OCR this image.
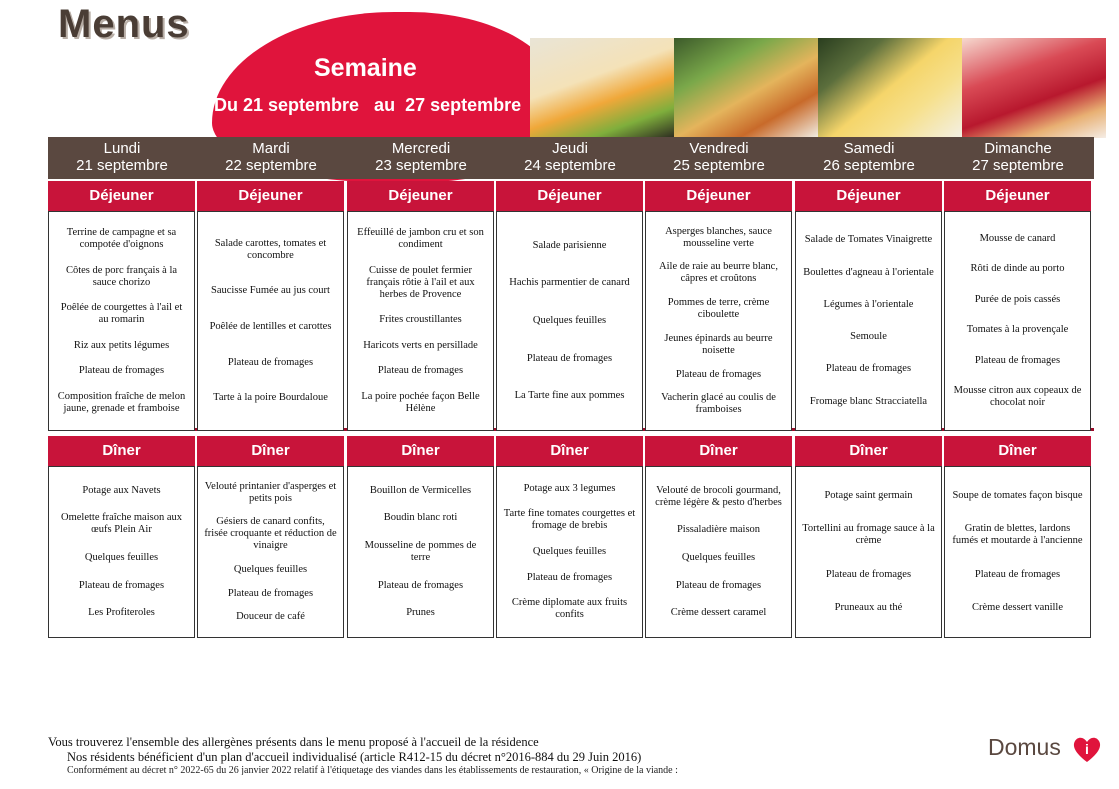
Menus
Semaine
Du 21 septembre   au  27 septembre
Lundi
21 septembre
Mardi
22 septembre
Mercredi
23 septembre
Jeudi
24 septembre
Vendredi
25 septembre
Samedi
26 septembre
Dimanche
27 septembre
Déjeuner
Terrine de campagne et sa compotée d'oignons
Côtes de porc français à la sauce chorizo
Poêlée de courgettes à l'ail et au romarin
Riz aux petits légumes
Plateau de fromages
Composition fraîche de melon jaune, grenade et framboise
Déjeuner
Salade carottes, tomates et concombre
Saucisse Fumée au jus court
Poêlée de lentilles et carottes
Plateau de fromages
Tarte à la poire Bourdaloue
Déjeuner
Effeuillé de jambon cru et son condiment
Cuisse de poulet fermier français rôtie à l'ail et aux herbes de Provence
Frites croustillantes
Haricots verts en persillade
Plateau de fromages
La poire pochée façon Belle Hélène
Déjeuner
Salade parisienne
Hachis parmentier de canard
Quelques feuilles
Plateau de fromages
La Tarte fine aux pommes
Déjeuner
Asperges blanches, sauce mousseline verte
Aile de raie au beurre blanc, câpres et croûtons
Pommes de terre, crème ciboulette
Jeunes épinards au beurre noisette
Plateau de fromages
Vacherin glacé au coulis de framboises
Déjeuner
Salade de Tomates Vinaigrette
Boulettes d'agneau à l'orientale
Légumes à l'orientale
Semoule
Plateau de fromages
Fromage blanc Stracciatella
Déjeuner
Mousse de canard
Rôti de dinde au porto
Purée de pois cassés
Tomates à la provençale
Plateau de fromages
Mousse citron aux copeaux de chocolat noir
Dîner
Potage aux Navets
Omelette fraîche maison aux œufs Plein Air
Quelques feuilles
Plateau de fromages
Les Profiteroles
Dîner
Velouté printanier d'asperges et petits pois
Gésiers de canard confits, frisée croquante et réduction de vinaigre
Quelques feuilles
Plateau de fromages
Douceur de café
Dîner
Bouillon de Vermicelles
Boudin blanc roti
Mousseline de pommes de terre
Plateau de fromages
Prunes
Dîner
Potage aux 3 legumes
Tarte fine tomates courgettes et fromage de brebis
Quelques feuilles
Plateau de fromages
Crème diplomate aux fruits confits
Dîner
Velouté de brocoli gourmand, crème légère & pesto d'herbes
Pissaladière maison
Quelques feuilles
Plateau de fromages
Crème dessert caramel
Dîner
Potage saint germain
Tortellini au fromage sauce à la crème
Plateau de fromages
Pruneaux au thé
Dîner
Soupe de tomates façon bisque
Gratin de blettes, lardons fumés et moutarde à l'ancienne
Plateau de fromages
Crème dessert vanille
Vous trouverez l'ensemble des allergènes présents dans le menu proposé à l'accueil de la résidence
Nos résidents bénéficient d'un plan d'accueil individualisé (article R412-15 du décret n°2016-884 du 29 Juin 2016)
Conformément au décret n° 2022-65 du 26 janvier 2022 relatif à l'étiquetage des viandes dans les établissements de restauration, « Origine de la viande :
Domus i
